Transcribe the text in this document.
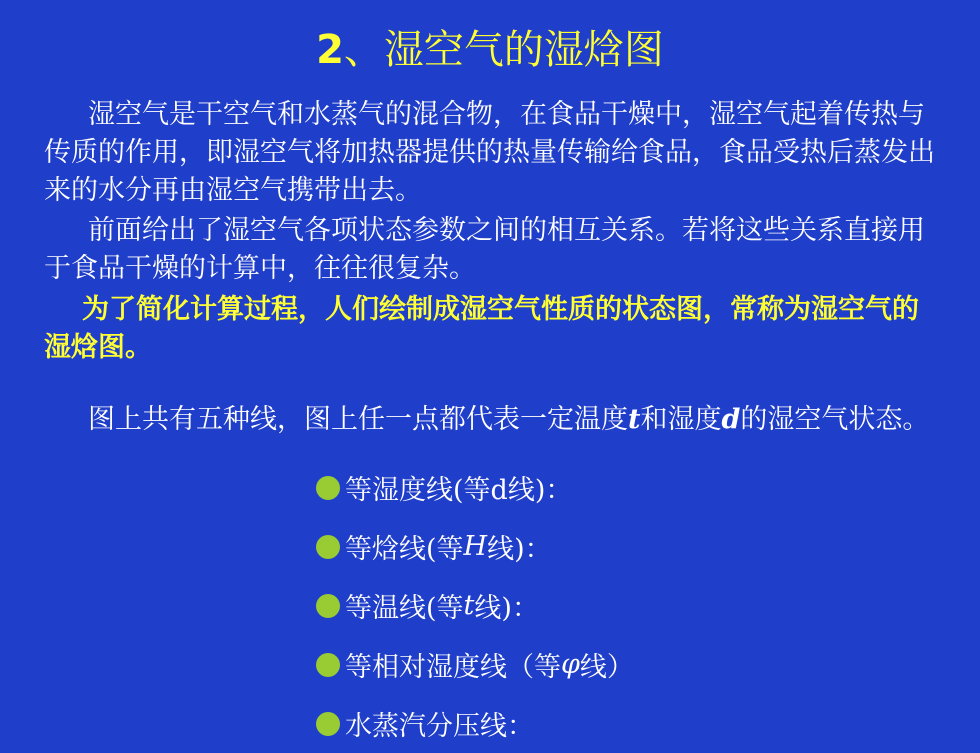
2、湿空气的湿焓图

湿空气是干空气和水蒸气的混合物，在食品干燥中，湿空气起着传热与传质的作用，即湿空气将加热器提供的热量传输给食品，食品受热后蒸发出来的水分再由湿空气携带出去。

前面给出了湿空气各项状态参数之间的相互关系。若将这些关系直接用于食品干燥的计算中，往往很复杂。

为了简化计算过程，人们绘制成湿空气性质的状态图，常称为湿空气的湿焓图。

图上共有五种线，图上任一点都代表一定温度t和湿度d的湿空气状态。

等湿度线(等d线)：
等焓线(等 H 线)：
等温线(等 t 线)：
等相对湿度线（等 φ 线）
水蒸汽分压线：
